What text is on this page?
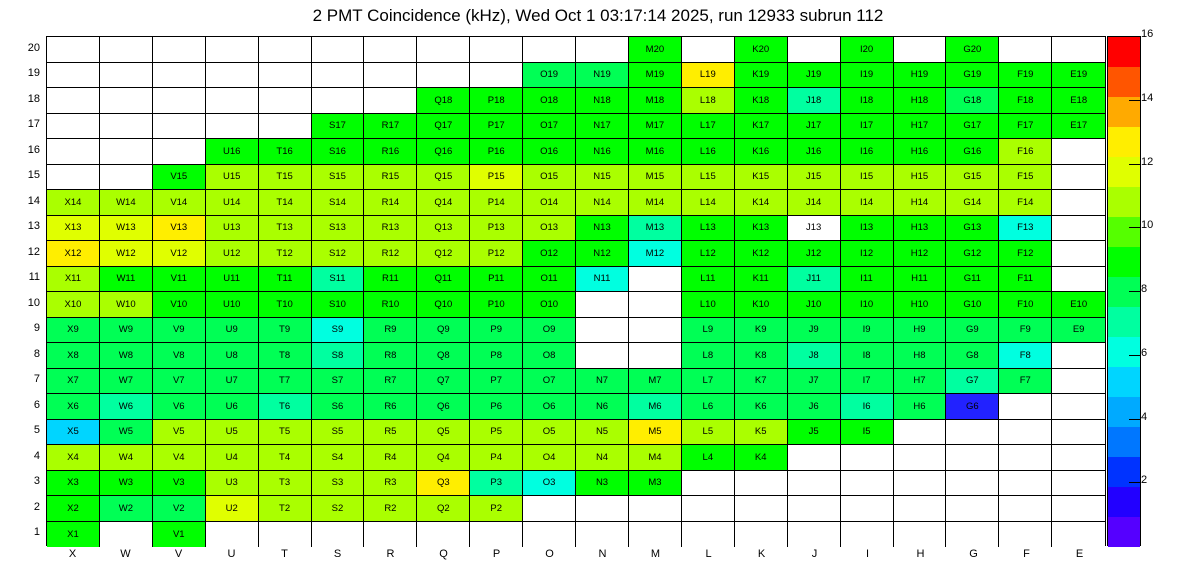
2 PMT Coincidence (kHz), Wed Oct 1 03:17:14 2025, run 12933 subrun 112
M20	K20	I20	G20
O19	N19	M19	L19	K19	J19	I19	H19	G19	F19	E19
Q18	P18	O18	N18	M18	L18	K18	J18	I18	H18	G18	F18	E18
S17	R17	Q17	P17	O17	N17	M17	L17	K17	J17	I17	H17	G17	F17	E17
U16	T16	S16	R16	Q16	P16	O16	N16	M16	L16	K16	J16	I16	H16	G16	F16
V15	U15	T15	S15	R15	Q15	P15	O15	N15	M15	L15	K15	J15	I15	H15	G15	F15
X14	W14	V14	U14	T14	S14	R14	Q14	P14	O14	N14	M14	L14	K14	J14	I14	H14	G14	F14
X13	W13	V13	U13	T13	S13	R13	Q13	P13	O13	N13	M13	L13	K13	J13	I13	H13	G13	F13
X12	W12	V12	U12	T12	S12	R12	Q12	P12	O12	N12	M12	L12	K12	J12	I12	H12	G12	F12
X11	W11	V11	U11	T11	S11	R11	Q11	P11	O11	N11	L11	K11	J11	I11	H11	G11	F11
X10	W10	V10	U10	T10	S10	R10	Q10	P10	O10	L10	K10	J10	I10	H10	G10	F10	E10
X9	W9	V9	U9	T9	S9	R9	Q9	P9	O9	L9	K9	J9	I9	H9	G9	F9	E9
X8	W8	V8	U8	T8	S8	R8	Q8	P8	O8	L8	K8	J8	I8	H8	G8	F8
X7	W7	V7	U7	T7	S7	R7	Q7	P7	O7	N7	M7	L7	K7	J7	I7	H7	G7	F7
X6	W6	V6	U6	T6	S6	R6	Q6	P6	O6	N6	M6	L6	K6	J6	I6	H6	G6
X5	W5	V5	U5	T5	S5	R5	Q5	P5	O5	N5	M5	L5	K5	J5	I5
X4	W4	V4	U4	T4	S4	R4	Q4	P4	O4	N4	M4	L4	K4
X3	W3	V3	U3	T3	S3	R3	Q3	P3	O3	N3	M3
X2	W2	V2	U2	T2	S2	R2	Q2	P2
X1	V1
20
19
18
17
16
15
14
13
12
11
10
9
8
7
6
5
4
3
2
1
X	W	V	U	T	S	R	Q	P	O	N	M	L	K	J	I	H	G	F	E
2
4
6
8
10
12
14
16
